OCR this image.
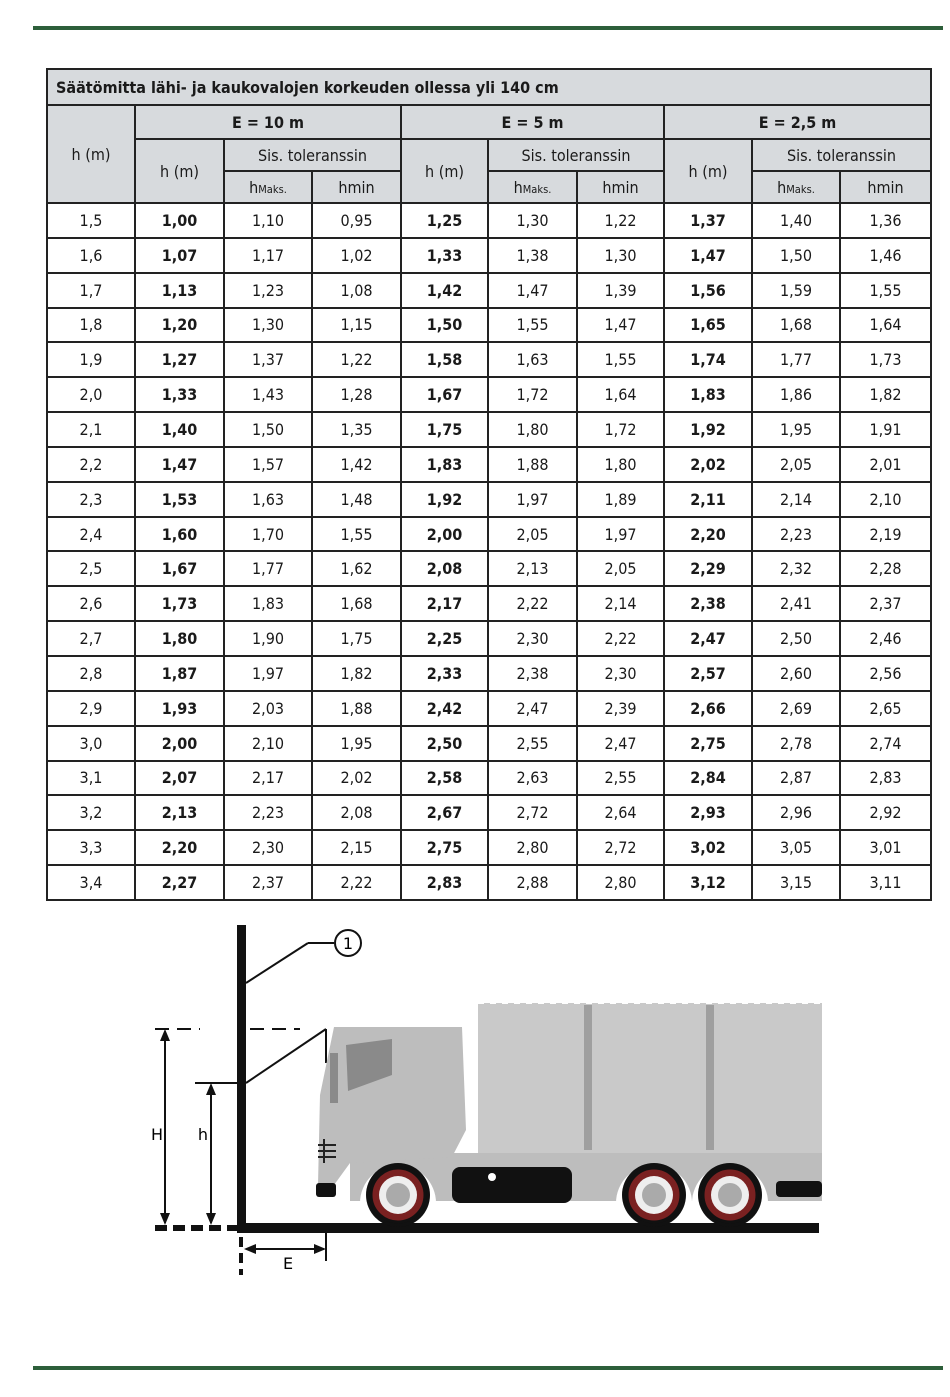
Säätömitta lähi- ja kaukovalojen korkeuden ollessa yli 140 cm									
h (m)	E = 10 m			E = 5 m			E = 2,5 m		
	h (m)	Sis. toleranssin		h (m)	Sis. toleranssin		h (m)	Sis. toleranssin	
		hMaks.	hmin		hMaks.	hmin		hMaks.	hmin
1,5	1,00	1,10	0,95	1,25	1,30	1,22	1,37	1,40	1,36
1,6	1,07	1,17	1,02	1,33	1,38	1,30	1,47	1,50	1,46
1,7	1,13	1,23	1,08	1,42	1,47	1,39	1,56	1,59	1,55
1,8	1,20	1,30	1,15	1,50	1,55	1,47	1,65	1,68	1,64
1,9	1,27	1,37	1,22	1,58	1,63	1,55	1,74	1,77	1,73
2,0	1,33	1,43	1,28	1,67	1,72	1,64	1,83	1,86	1,82
2,1	1,40	1,50	1,35	1,75	1,80	1,72	1,92	1,95	1,91
2,2	1,47	1,57	1,42	1,83	1,88	1,80	2,02	2,05	2,01
2,3	1,53	1,63	1,48	1,92	1,97	1,89	2,11	2,14	2,10
2,4	1,60	1,70	1,55	2,00	2,05	1,97	2,20	2,23	2,19
2,5	1,67	1,77	1,62	2,08	2,13	2,05	2,29	2,32	2,28
2,6	1,73	1,83	1,68	2,17	2,22	2,14	2,38	2,41	2,37
2,7	1,80	1,90	1,75	2,25	2,30	2,22	2,47	2,50	2,46
2,8	1,87	1,97	1,82	2,33	2,38	2,30	2,57	2,60	2,56
2,9	1,93	2,03	1,88	2,42	2,47	2,39	2,66	2,69	2,65
3,0	2,00	2,10	1,95	2,50	2,55	2,47	2,75	2,78	2,74
3,1	2,07	2,17	2,02	2,58	2,63	2,55	2,84	2,87	2,83
3,2	2,13	2,23	2,08	2,67	2,72	2,64	2,93	2,96	2,92
3,3	2,20	2,30	2,15	2,75	2,80	2,72	3,02	3,05	3,01
3,4	2,27	2,37	2,22	2,83	2,88	2,80	3,12	3,15	3,11
1
H h
E
